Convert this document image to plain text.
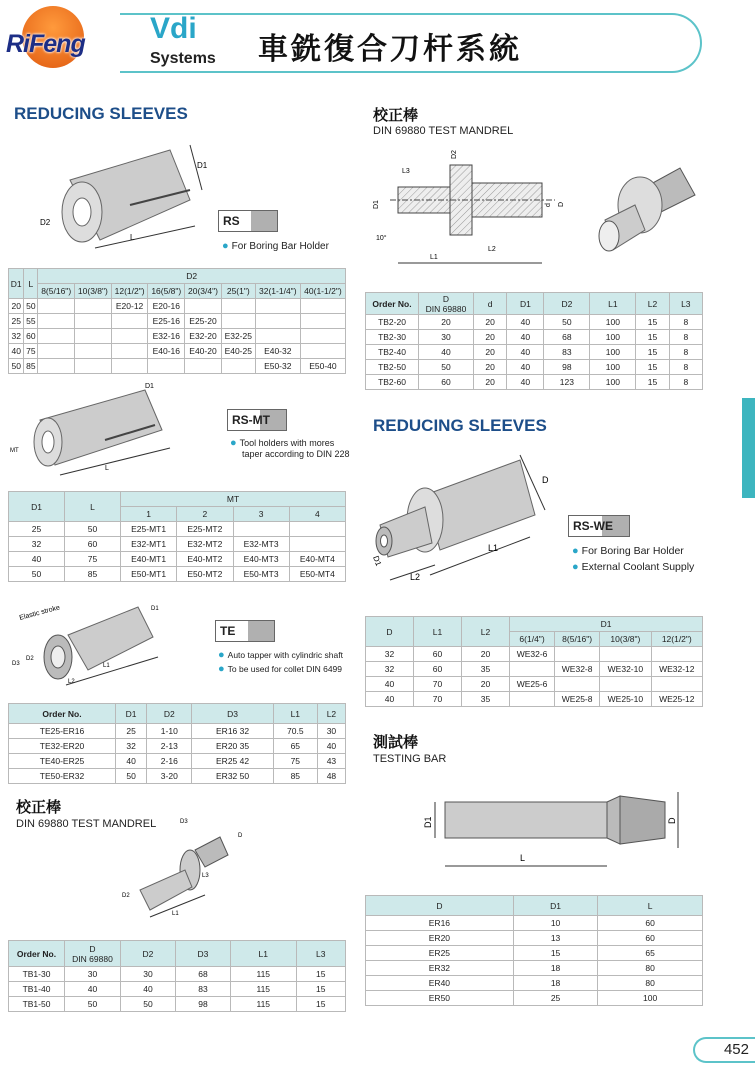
RiFeng Vdi
Systems 車銑復合刀杆系統
REDUCING SLEEVES
D1
D2
L
RS
● For Boring Bar Holder
D1	L	D2							
		8(5/16")	10(3/8")	12(1/2")	16(5/8")	20(3/4")	25(1")	32(1-1/4")	40(1-1/2")
20	50			E20-12	E20-16				
25	55				E25-16	E25-20			
32	60				E32-16	E32-20	E32-25		
40	75				E40-16	E40-20	E40-25	E40-32	
50	85							E50-32	E50-40
D1
MT
L
RS-MT
● Tool holders with mores
taper according to DIN 228
D1	L	MT			
		1	2	3	4
25	50	E25-MT1	E25-MT2		
32	60	E32-MT1	E32-MT2	E32-MT3	
40	75	E40-MT1	E40-MT2	E40-MT3	E40-MT4
50	85	E50-MT1	E50-MT2	E50-MT3	E50-MT4
Elastic stroke	D1
D2
D3	L1
L2
TE
● Auto tapper with cylindric shaft
● To be used for collet DIN 6499
Order No.	D1	D2	D3	L1	L2
TE25-ER16	25	1-10	ER16 32	70.5	30
TE32-ER20	32	2-13	ER20 35	65	40
TE40-ER25	40	2-16	ER25 42	75	43
TE50-ER32	50	3-20	ER32 50	85	48
校正棒
DIN 69880 TEST MANDREL	D3
D
D2
L1
L3
Order No.	D
DIN 69880	D2	D3	L1	L3
TB1-30	30	30	68	115	15
TB1-40	40	40	83	115	15
TB1-50	50	50	98	115	15
校正棒
DIN 69880 TEST MANDREL
D2
L3
D1	d D
10°
L1
L2
Order No.	D
DIN 69880	d	D1	D2	L1	L2	L3
TB2-20	20	20	40	50	100	15	8
TB2-30	30	20	40	68	100	15	8
TB2-40	40	20	40	83	100	15	8
TB2-50	50	20	40	98	100	15	8
TB2-60	60	20	40	123	100	15	8
REDUCING SLEEVES
D
D1
L1
L2
RS-WE
● For Boring Bar Holder
● External Coolant Supply
D	L1	L2	D1			
			6(1/4")	8(5/16")	10(3/8")	12(1/2")
32	60	20	WE32-6			
32	60	35		WE32-8	WE32-10	WE32-12
40	70	20	WE25-6			
40	70	35		WE25-8	WE25-10	WE25-12
測試棒
TESTING BAR
D1	D
L
D	D1	L
ER16	10	60
ER20	13	60
ER25	15	65
ER32	18	80
ER40	18	80
ER50	25	100
452
